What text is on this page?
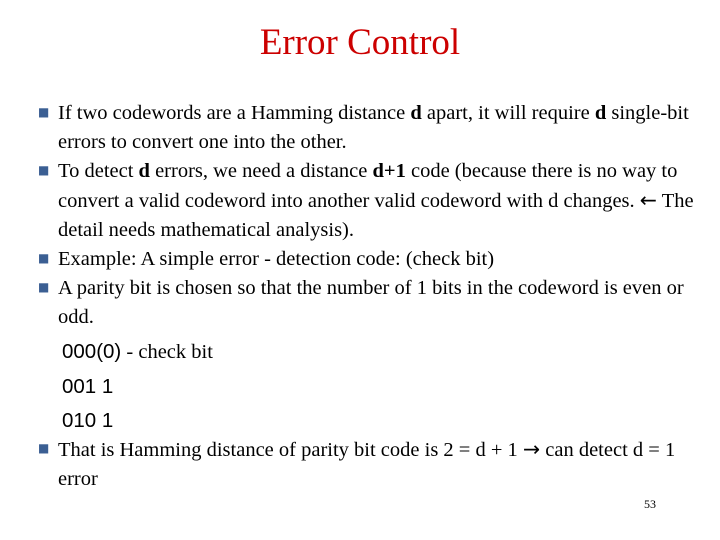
Error Control
■ If two codewords are a Hamming distance d apart, it will require d single-bit errors to convert one into the other.
■ To detect d errors, we need a distance d+1 code (because there is no way to convert a valid codeword into another valid codeword with d changes. ← The detail needs mathematical analysis).
■ Example: A simple error - detection code: (check bit)
■ A parity bit is chosen so that the number of 1 bits in the codeword is even or odd.
000(0) - check bit
001 1
010 1
■ That is Hamming distance of parity bit code is 2 = d + 1 → can detect d = 1 error
53
